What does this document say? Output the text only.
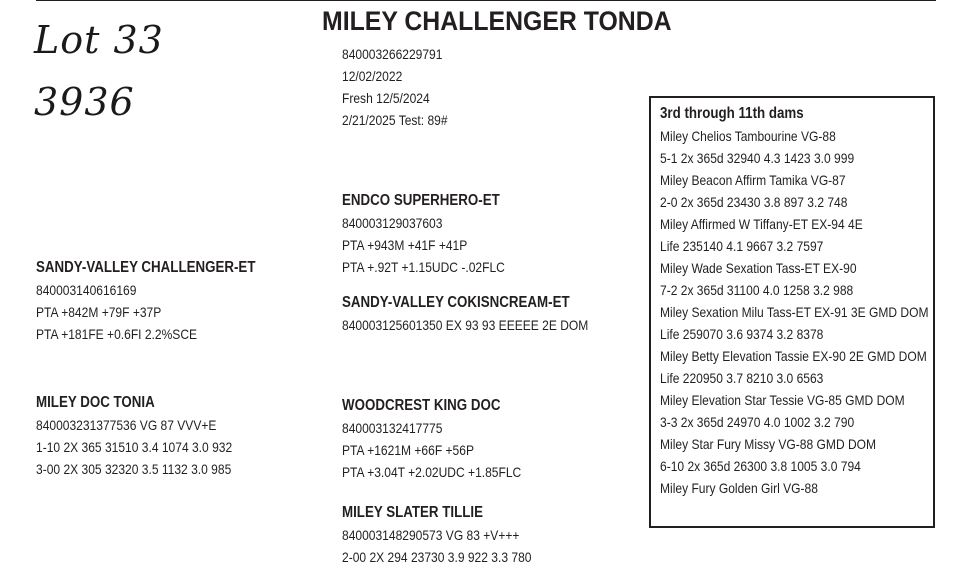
Lot 33
3936
MILEY CHALLENGER TONDA
840003266229791
12/02/2022
Fresh 12/5/2024
2/21/2025 Test: 89#
ENDCO SUPERHERO-ET
840003129037603
PTA +943M +41F +41P
PTA +.92T +1.15UDC -.02FLC
SANDY-VALLEY COKISNCREAM-ET
840003125601350 EX 93 93 EEEEE 2E DOM
SANDY-VALLEY CHALLENGER-ET
840003140616169
PTA +842M +79F +37P
PTA +181FE +0.6FI 2.2%SCE
MILEY DOC TONIA
840003231377536 VG 87 VVV+E
1-10 2X 365 31510 3.4 1074 3.0 932
3-00 2X 305 32320 3.5 1132 3.0 985
WOODCREST KING DOC
840003132417775
PTA +1621M +66F +56P
PTA +3.04T +2.02UDC +1.85FLC
MILEY SLATER TILLIE
840003148290573 VG 83 +V+++
2-00 2X 294 23730 3.9 922 3.3 780
3rd through 11th dams
Miley Chelios Tambourine VG-88
5-1 2x 365d 32940 4.3 1423 3.0 999
Miley Beacon Affirm Tamika VG-87
2-0 2x 365d 23430 3.8 897 3.2 748
Miley Affirmed W Tiffany-ET EX-94 4E
Life 235140 4.1 9667 3.2 7597
Miley Wade Sexation Tass-ET EX-90
7-2 2x 365d 31100 4.0 1258 3.2 988
Miley Sexation Milu Tass-ET EX-91 3E GMD DOM
Life 259070 3.6 9374 3.2 8378
Miley Betty Elevation Tassie EX-90 2E GMD DOM
Life 220950 3.7 8210 3.0 6563
Miley Elevation Star Tessie VG-85 GMD DOM
3-3 2x 365d 24970 4.0 1002 3.2 790
Miley Star Fury Missy VG-88 GMD DOM
6-10 2x 365d 26300 3.8 1005 3.0 794
Miley Fury Golden Girl VG-88
